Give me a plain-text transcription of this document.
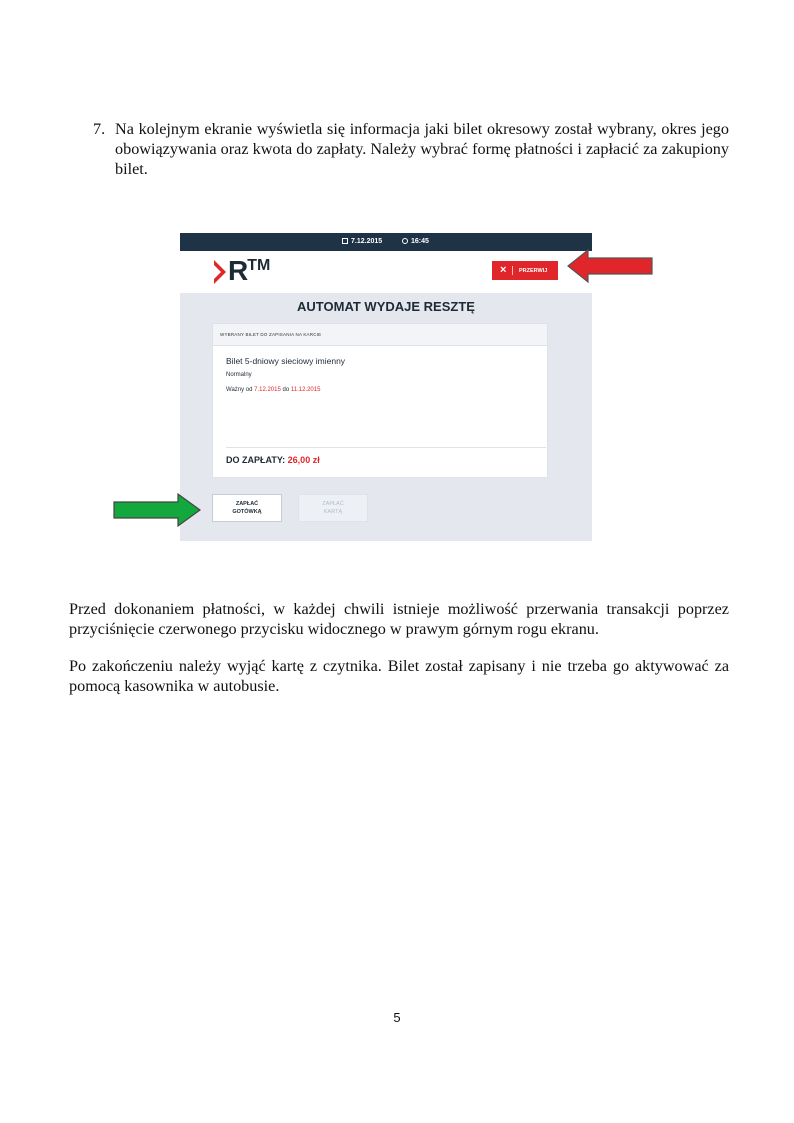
7. Na kolejnym ekranie wyświetla się informacja jaki bilet okresowy został wybrany, okres jego obowiązywania oraz kwota do zapłaty. Należy wybrać formę płatności i zapłacić za zakupiony bilet.
7.12.2015	16:45
R™	× PRZERWIJ
AUTOMAT WYDAJE RESZTĘ
WYBRANY BILET DO ZAPISANIA NA KARCIE
Bilet 5-dniowy sieciowy imienny
Normalny
Ważny od 7.12.2015 do 11.12.2015
DO ZAPŁATY: 26,00 zł
ZAPŁAĆ
GOTÓWKĄ
ZAPŁAĆ
KARTĄ
Przed dokonaniem płatności, w każdej chwili istnieje możliwość przerwania transakcji poprzez przyciśnięcie czerwonego przycisku widocznego w prawym górnym rogu ekranu.
Po zakończeniu należy wyjąć kartę z czytnika. Bilet został zapisany i nie trzeba go aktywować za pomocą kasownika w autobusie.
5
